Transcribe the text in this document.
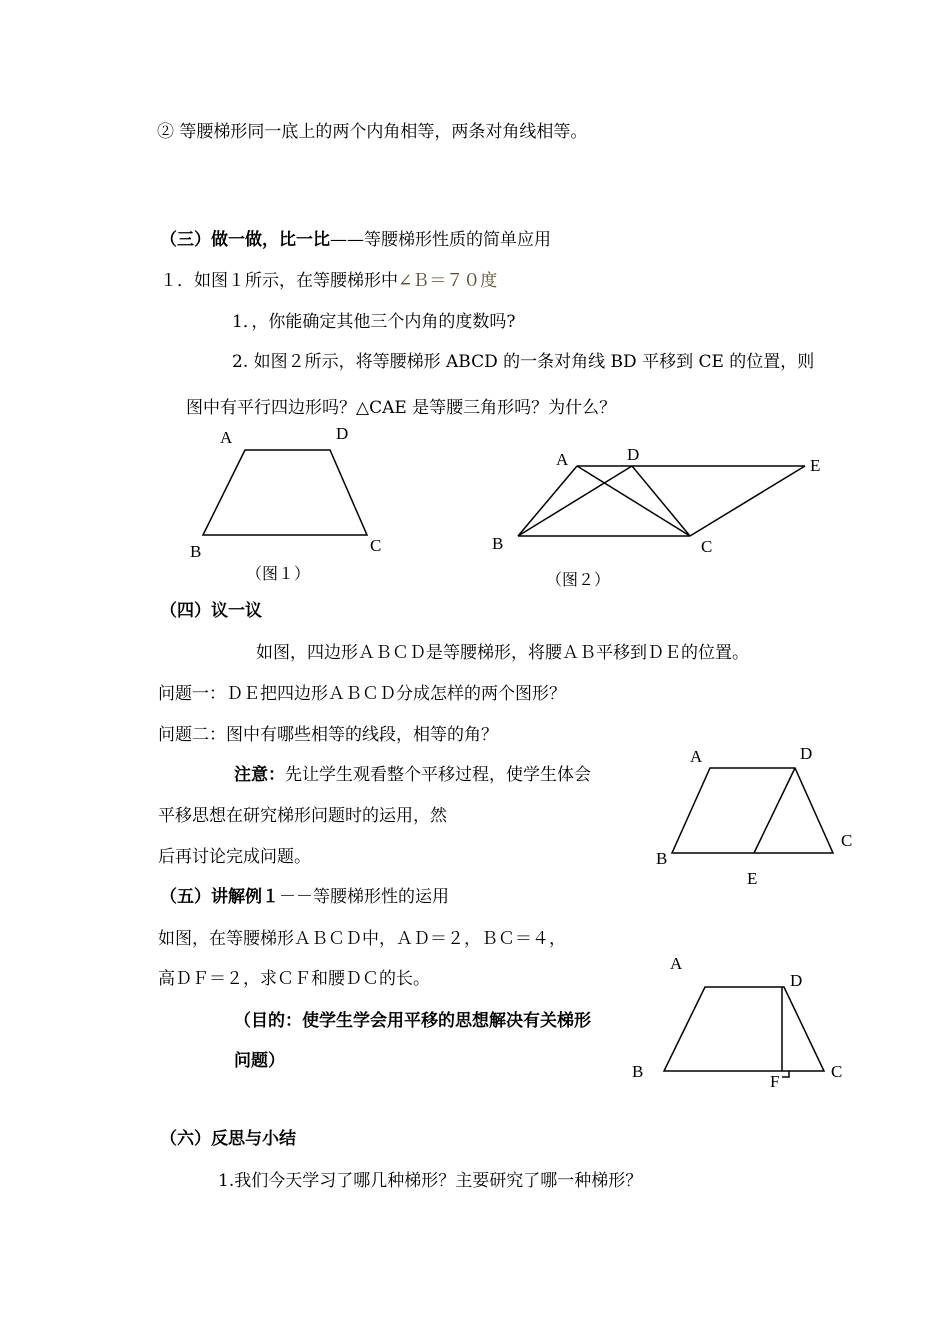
② 等腰梯形同一底上的两个内角相等，两条对角线相等。
（三）做一做，比一比——等腰梯形性质的简单应用
１．如图１所示，在等腰梯形中∠Ｂ＝７０度
1．，你能确定其他三个内角的度数吗?
2. 如图２所示，将等腰梯形 ABCD 的一条对角线 BD 平移到 CE 的位置，则
图中有平行四边形吗？△CAE 是等腰三角形吗？为什么？
（四）议一议
如图，四边形ＡＢＣＤ是等腰梯形，将腰ＡＢ平移到ＤＥ的位置。
问题一：ＤＥ把四边形ＡＢＣＤ分成怎样的两个图形？
问题二：图中有哪些相等的线段，相等的角？
注意：先让学生观看整个平移过程，使学生体会
平移思想在研究梯形问题时的运用，然
后再讨论完成问题。
（五）讲解例１－－等腰梯形性的运用
如图，在等腰梯形ＡＢＣＤ中，ＡＤ＝２，ＢＣ＝４，
高ＤＦ＝２，求ＣＦ和腰ＤＣ的长。
（目的：使学生学会用平移的思想解决有关梯形
问题）
（六）反思与小结
1.我们今天学习了哪几种梯形？主要研究了哪一种梯形？
A	D
B	C
（图１）
A	D
E
B	C
（图２）
A	D
B
C
E
A
D
B	C
F
